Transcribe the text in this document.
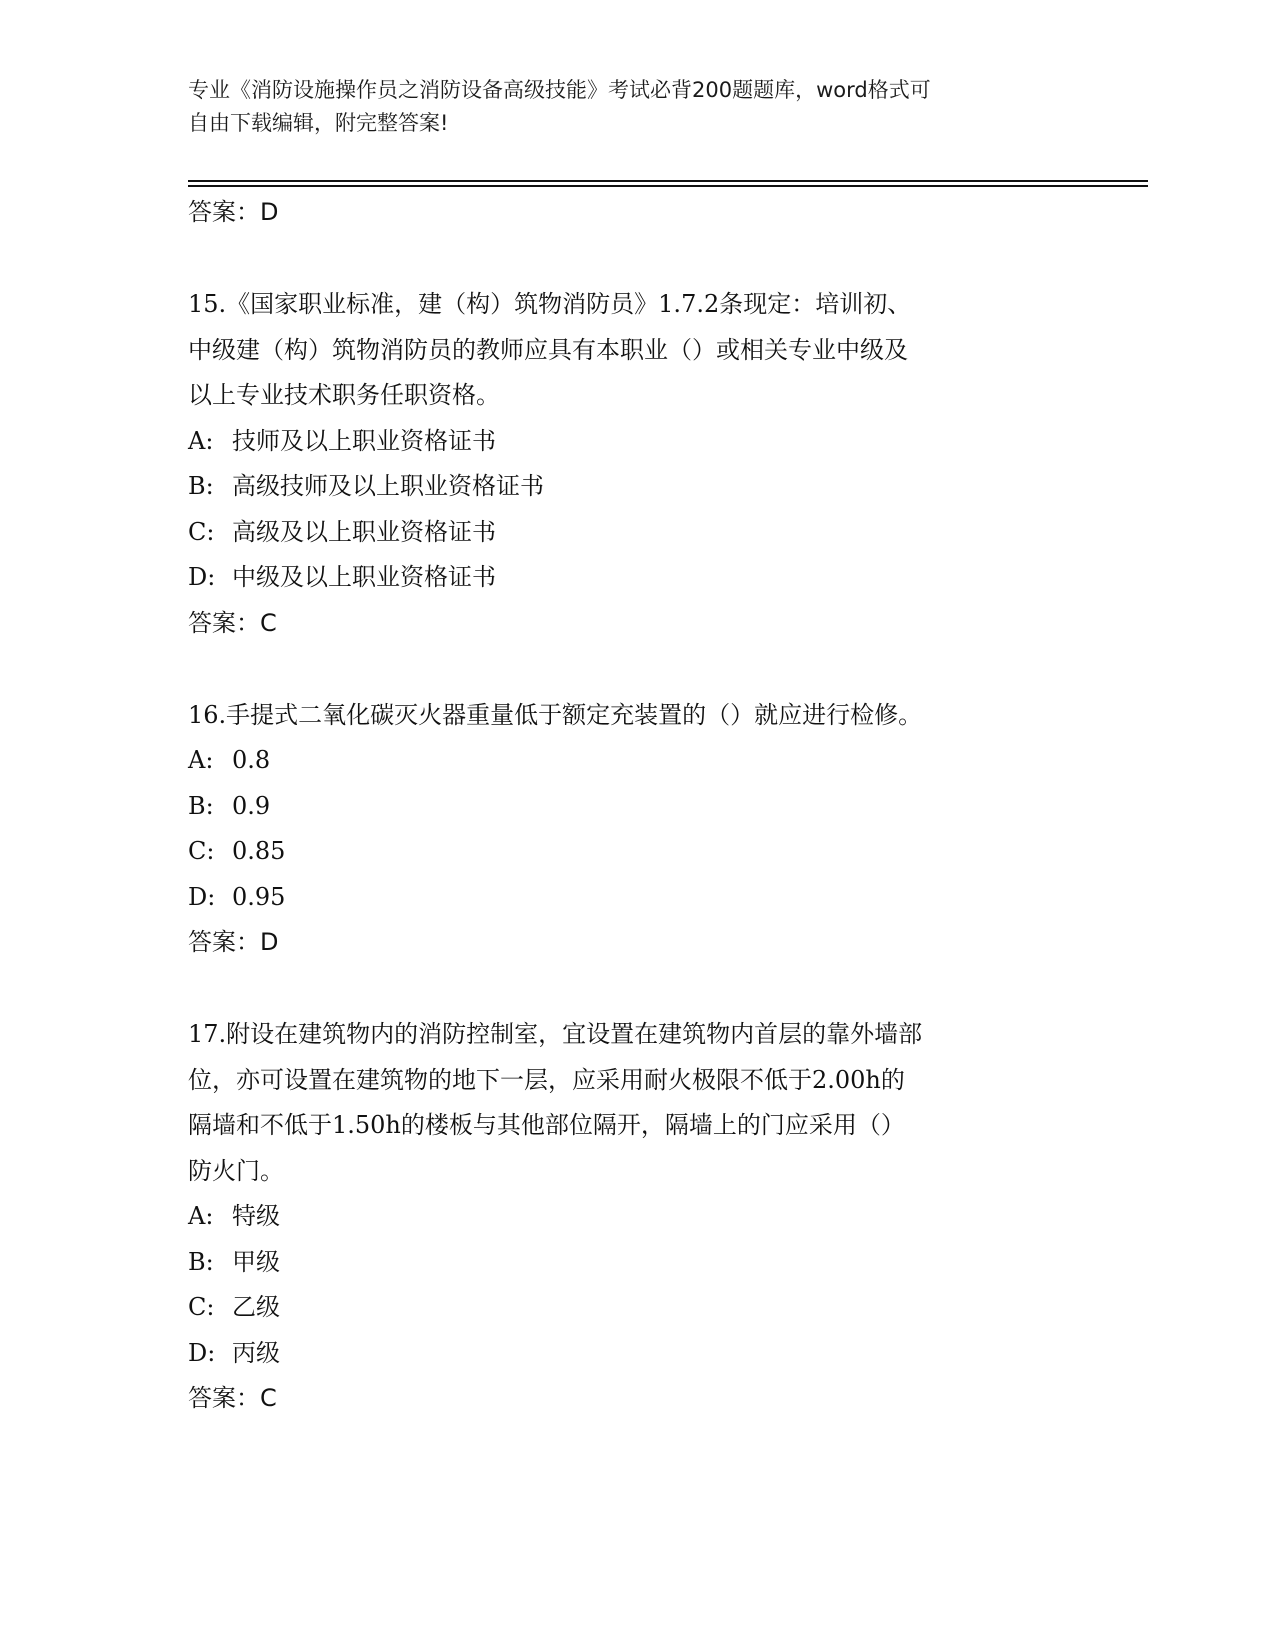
专业《消防设施操作员之消防设备高级技能》考试必背200题题库，word格式可
自由下载编辑，附完整答案!
答案：D
15.《国家职业标准，建（构）筑物消防员》1.7.2条现定：培训初、
中级建（构）筑物消防员的教师应具有本职业（）或相关专业中级及
以上专业技术职务任职资格。
A: 技师及以上职业资格证书
B: 高级技师及以上职业资格证书
C: 高级及以上职业资格证书
D: 中级及以上职业资格证书
答案：C
16.手提式二氧化碳灭火器重量低于额定充装置的（）就应进行检修。
A: 0.8
B: 0.9
C: 0.85
D: 0.95
答案：D
17.附设在建筑物内的消防控制室，宜设置在建筑物内首层的靠外墙部
位，亦可设置在建筑物的地下一层，应采用耐火极限不低于2.00h的
隔墙和不低于1.50h的楼板与其他部位隔开，隔墙上的门应采用（）
防火门。
A: 特级
B: 甲级
C: 乙级
D: 丙级
答案：C
